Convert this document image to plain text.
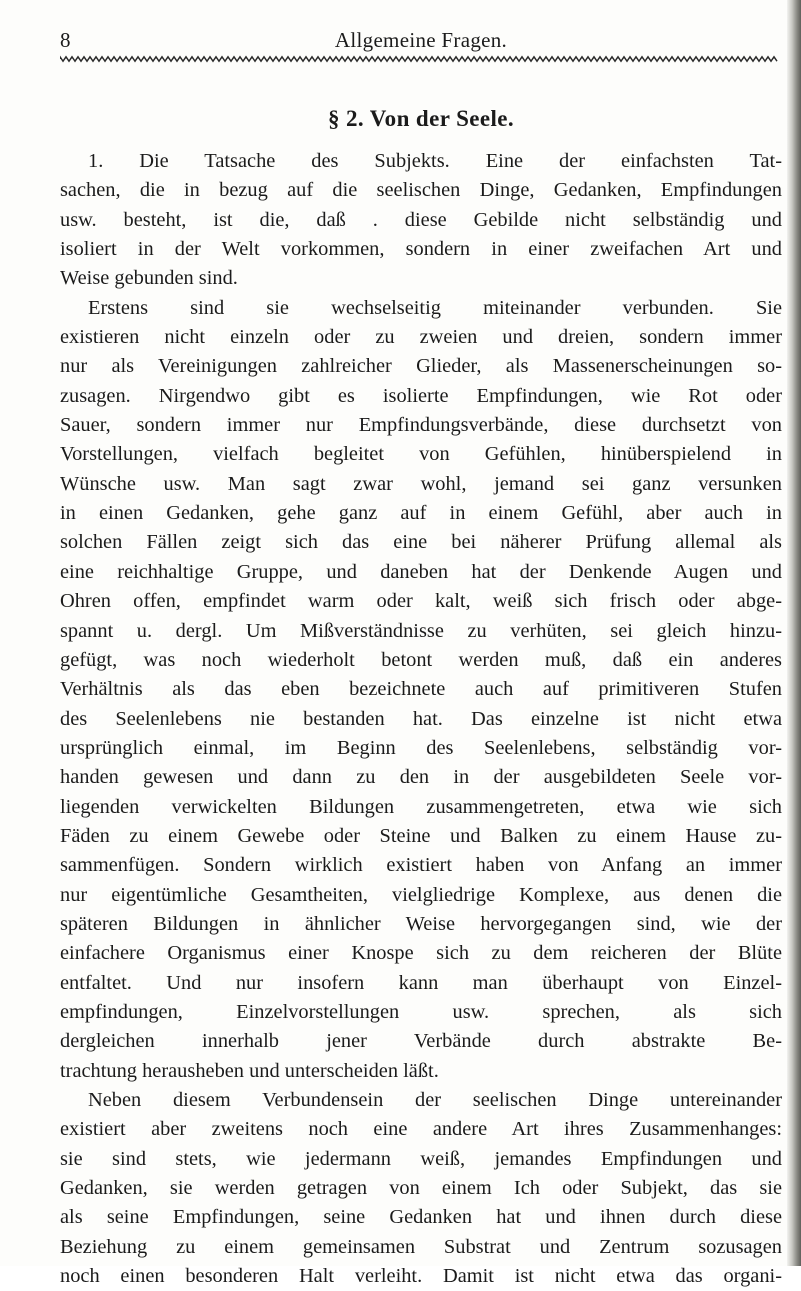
8	Allgemeine Fragen.
§ 2. Von der Seele.
1. Die Tatsache des Subjekts. Eine der einfachsten Tat-
sachen, die in bezug auf die seelischen Dinge, Gedanken, Empfindungen
usw. besteht, ist die, daß . diese Gebilde nicht selbständig und
isoliert in der Welt vorkommen, sondern in einer zweifachen Art und
Weise gebunden sind.
Erstens sind sie wechselseitig miteinander verbunden. Sie
existieren nicht einzeln oder zu zweien und dreien, sondern immer
nur als Vereinigungen zahlreicher Glieder, als Massenerscheinungen so-
zusagen. Nirgendwo gibt es isolierte Empfindungen, wie Rot oder
Sauer, sondern immer nur Empfindungsverbände, diese durchsetzt von
Vorstellungen, vielfach begleitet von Gefühlen, hinüberspielend in
Wünsche usw. Man sagt zwar wohl, jemand sei ganz versunken
in einen Gedanken, gehe ganz auf in einem Gefühl, aber auch in
solchen Fällen zeigt sich das eine bei näherer Prüfung allemal als
eine reichhaltige Gruppe, und daneben hat der Denkende Augen und
Ohren offen, empfindet warm oder kalt, weiß sich frisch oder abge-
spannt u. dergl. Um Mißverständnisse zu verhüten, sei gleich hinzu-
gefügt, was noch wiederholt betont werden muß, daß ein anderes
Verhältnis als das eben bezeichnete auch auf primitiveren Stufen
des Seelenlebens nie bestanden hat. Das einzelne ist nicht etwa
ursprünglich einmal, im Beginn des Seelenlebens, selbständig vor-
handen gewesen und dann zu den in der ausgebildeten Seele vor-
liegenden verwickelten Bildungen zusammengetreten, etwa wie sich
Fäden zu einem Gewebe oder Steine und Balken zu einem Hause zu-
sammenfügen. Sondern wirklich existiert haben von Anfang an immer
nur eigentümliche Gesamtheiten, vielgliedrige Komplexe, aus denen die
späteren Bildungen in ähnlicher Weise hervorgegangen sind, wie der
einfachere Organismus einer Knospe sich zu dem reicheren der Blüte
entfaltet. Und nur insofern kann man überhaupt von Einzel-
empfindungen, Einzelvorstellungen usw. sprechen, als sich
dergleichen innerhalb jener Verbände durch abstrakte Be-
trachtung herausheben und unterscheiden läßt.
Neben diesem Verbundensein der seelischen Dinge untereinander
existiert aber zweitens noch eine andere Art ihres Zusammenhanges:
sie sind stets, wie jedermann weiß, jemandes Empfindungen und
Gedanken, sie werden getragen von einem Ich oder Subjekt, das sie
als seine Empfindungen, seine Gedanken hat und ihnen durch diese
Beziehung zu einem gemeinsamen Substrat und Zentrum sozusagen
noch einen besonderen Halt verleiht. Damit ist nicht etwa das organi-
